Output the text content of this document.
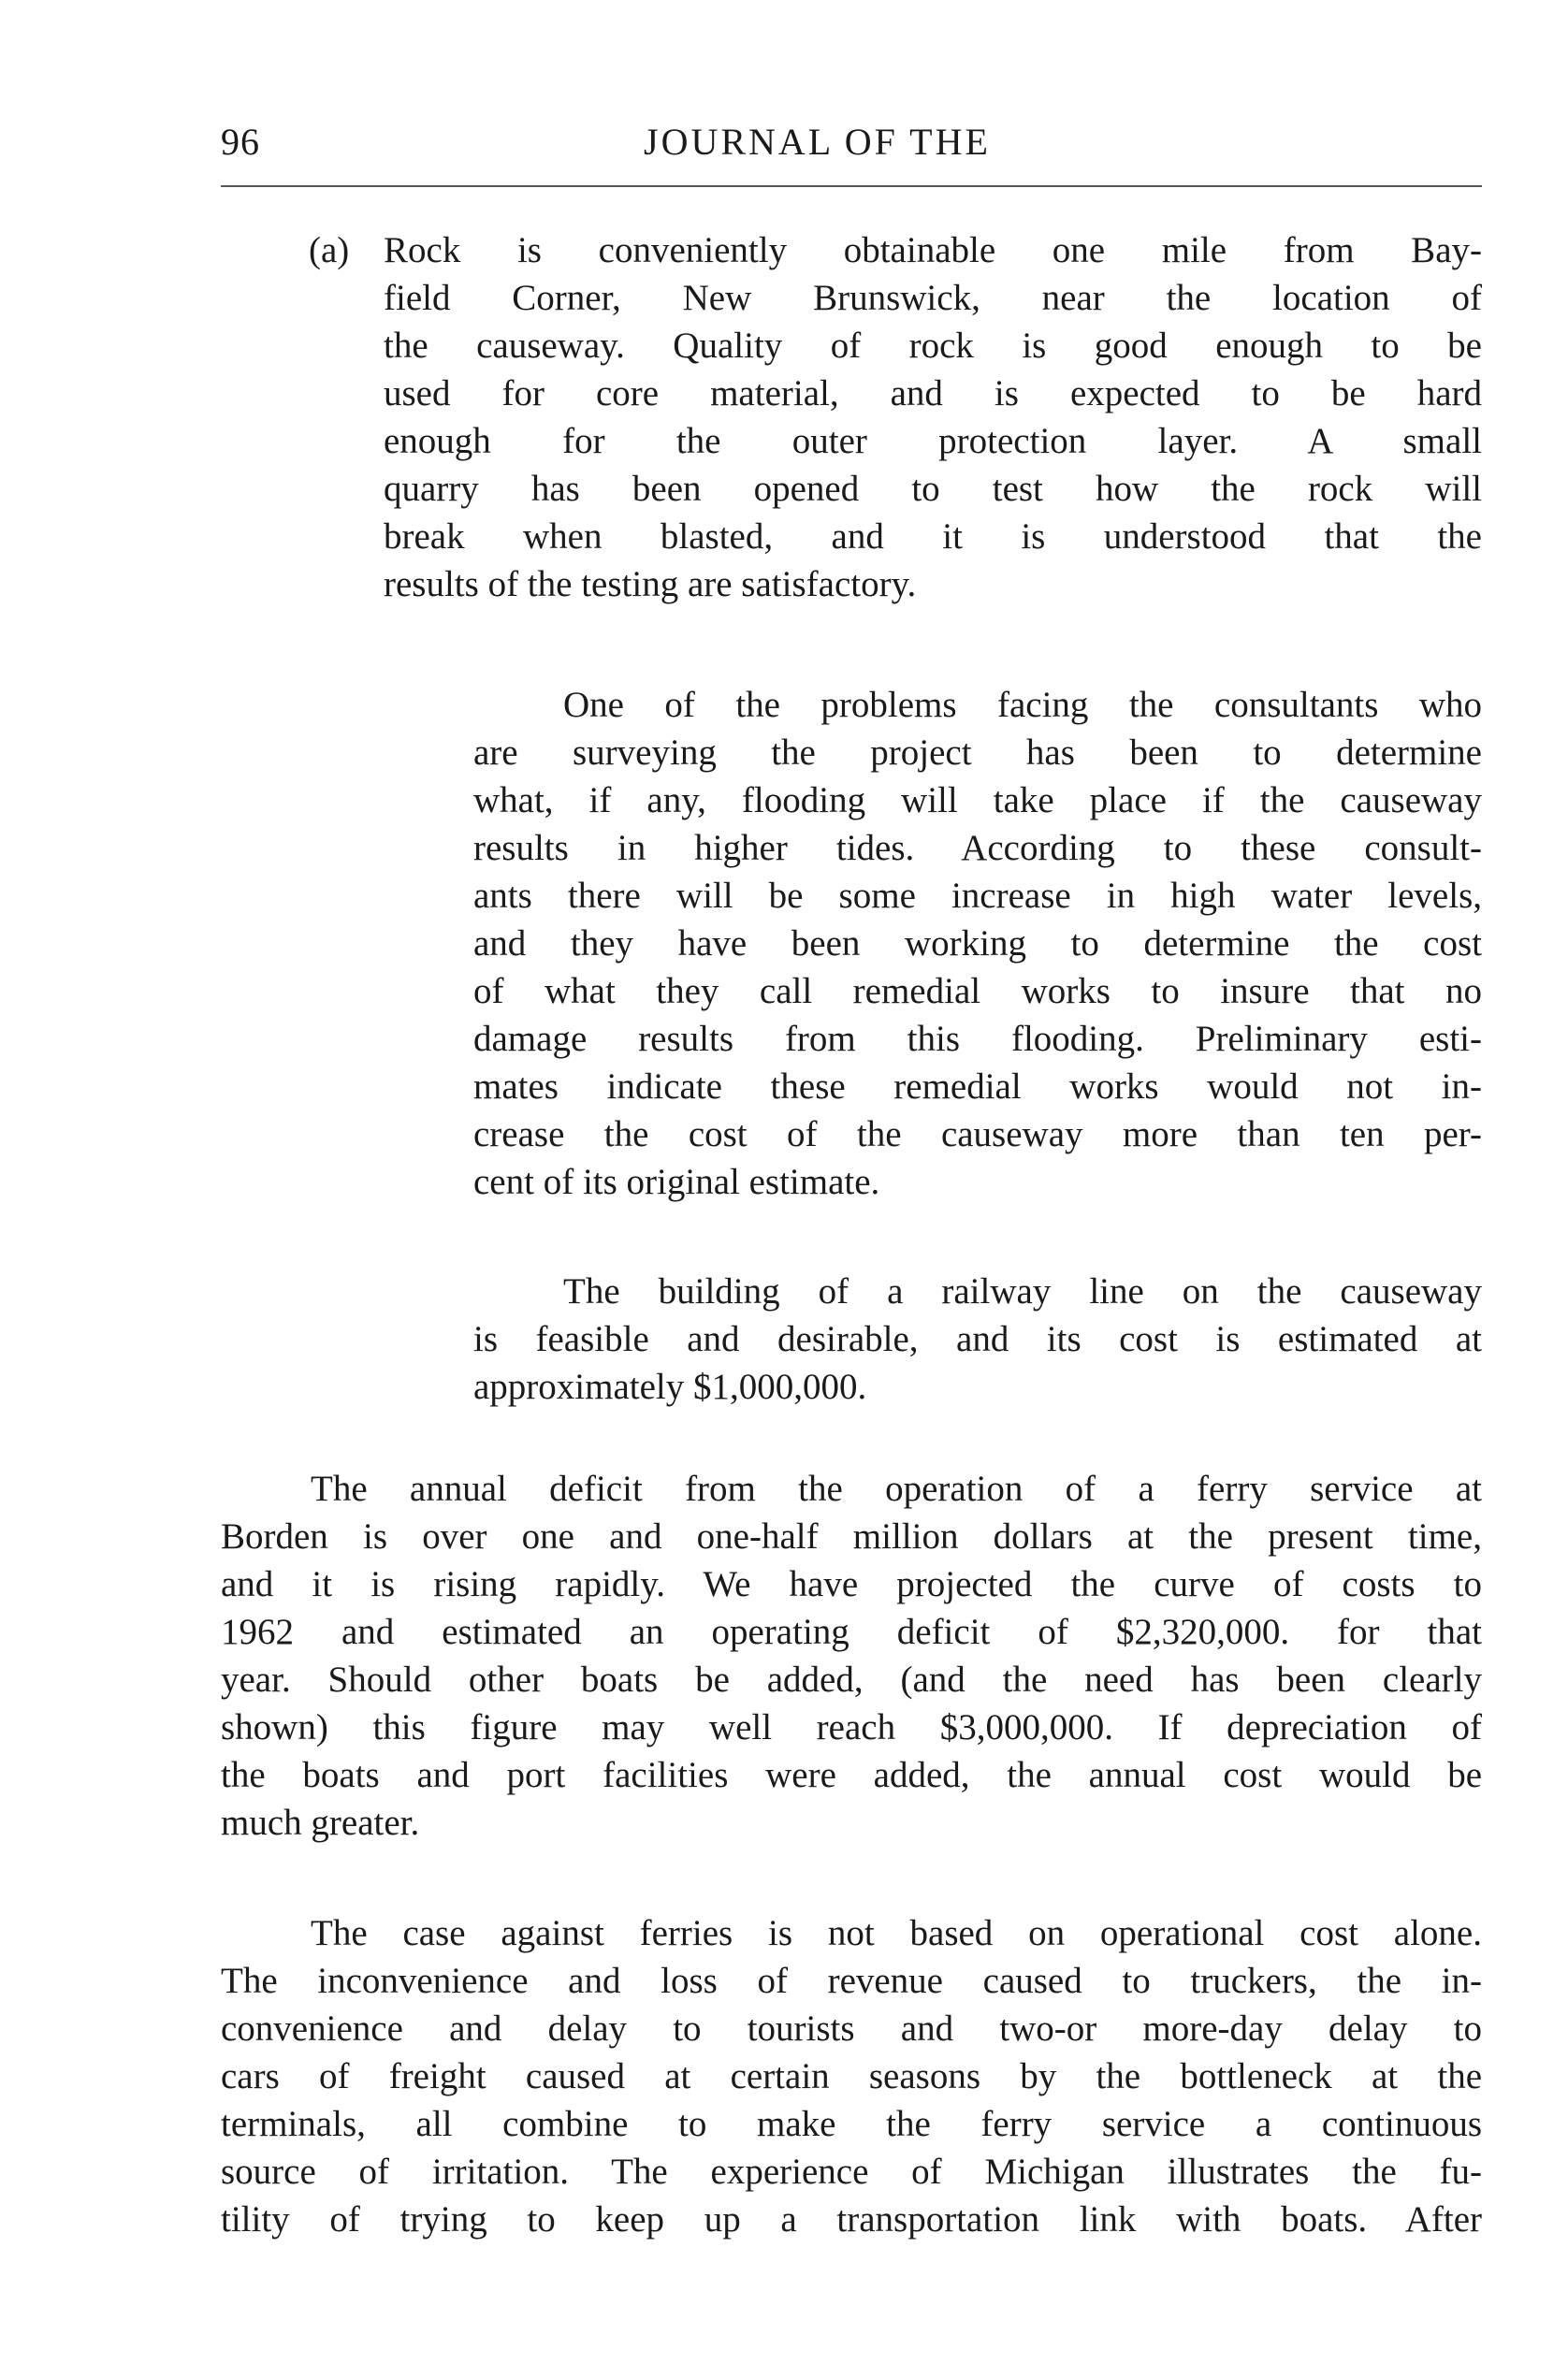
96	JOURNAL OF THE
(a) Rock is conveniently obtainable one mile from Bay-
field Corner, New Brunswick, near the location of
the causeway. Quality of rock is good enough to be
used for core material, and is expected to be hard
enough for the outer protection layer. A small
quarry has been opened to test how the rock will
break when blasted, and it is understood that the
results of the testing are satisfactory.
One of the problems facing the consultants who
are surveying the project has been to determine
what, if any, flooding will take place if the causeway
results in higher tides. According to these consult-
ants there will be some increase in high water levels,
and they have been working to determine the cost
of what they call remedial works to insure that no
damage results from this flooding. Preliminary esti-
mates indicate these remedial works would not in-
crease the cost of the causeway more than ten per-
cent of its original estimate.
The building of a railway line on the causeway
is feasible and desirable, and its cost is estimated at
approximately $1,000,000.
The annual deficit from the operation of a ferry service at
Borden is over one and one-half million dollars at the present time,
and it is rising rapidly. We have projected the curve of costs to
1962 and estimated an operating deficit of $2,320,000. for that
year. Should other boats be added, (and the need has been clearly
shown) this figure may well reach $3,000,000. If depreciation of
the boats and port facilities were added, the annual cost would be
much greater.
The case against ferries is not based on operational cost alone.
The inconvenience and loss of revenue caused to truckers, the in-
convenience and delay to tourists and two-or more-day delay to
cars of freight caused at certain seasons by the bottleneck at the
terminals, all combine to make the ferry service a continuous
source of irritation. The experience of Michigan illustrates the fu-
tility of trying to keep up a transportation link with boats. After
